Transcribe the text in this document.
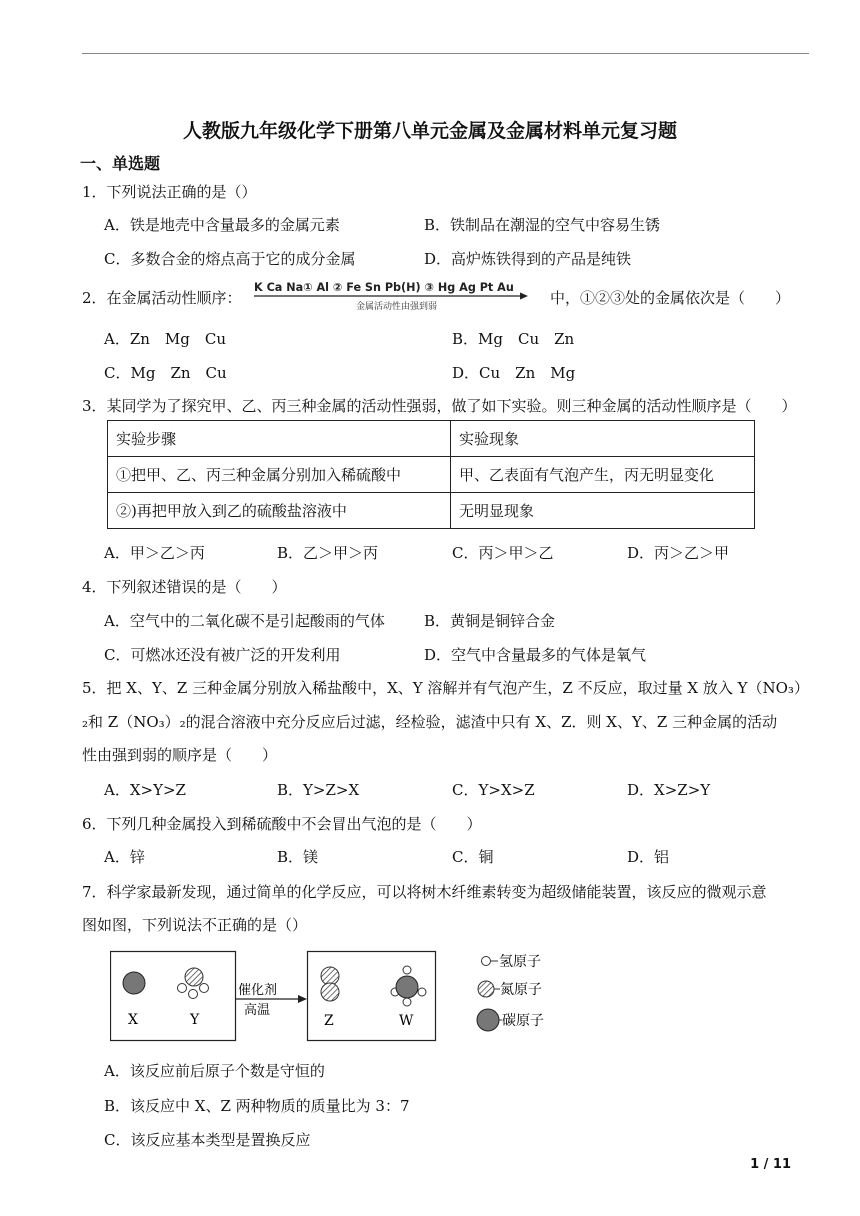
人教版九年级化学下册第八单元金属及金属材料单元复习题
一、单选题
1．下列说法正确的是（）
A．铁是地壳中含量最多的金属元素	B．铁制品在潮湿的空气中容易生锈
C．多数合金的熔点高于它的成分金属	D．高炉炼铁得到的产品是纯铁
2．在金属活动性顺序：
K Ca Na① Al ② Fe Sn Pb(H) ③ Hg Ag Pt Au
金属活动性由强到弱	中，①②③处的金属依次是（　　）
A．Zn　Mg　Cu	B．Mg　Cu　Zn
C．Mg　Zn　Cu	D．Cu　Zn　Mg
3．某同学为了探究甲、乙、丙三种金属的活动性强弱，做了如下实验。则三种金属的活动性顺序是（　　）
实验步骤	实验现象
①把甲、乙、丙三种金属分别加入稀硫酸中	甲、乙表面有气泡产生，丙无明显变化
②)再把甲放入到乙的硫酸盐溶液中	无明显现象
A．甲＞乙＞丙	B．乙＞甲＞丙	C．丙＞甲＞乙	D．丙＞乙＞甲
4．下列叙述错误的是（　　）
A．空气中的二氧化碳不是引起酸雨的气体	B．黄铜是铜锌合金
C．可燃冰还没有被广泛的开发利用	D．空气中含量最多的气体是氧气
5．把 X、Y、Z 三种金属分别放入稀盐酸中，X、Y 溶解并有气泡产生，Z 不反应，取过量 X 放入 Y（NO₃）
₂和 Z（NO₃）₂的混合溶液中充分反应后过滤，经检验，滤渣中只有 X、Z．则 X、Y、Z 三种金属的活动
性由强到弱的顺序是（　　）
A．X>Y>Z	B．Y>Z>X	C．Y>X>Z	D．X>Z>Y
6．下列几种金属投入到稀硫酸中不会冒出气泡的是（　　）
A．锌	B．镁	C．铜	D．铝
7．科学家最新发现，通过简单的化学反应，可以将树木纤维素转变为超级储能装置，该反应的微观示意
图如图，下列说法不正确的是（）
X	Y
催化剂
高温
Z	W
氢原子
氮原子
碳原子
A．该反应前后原子个数是守恒的
B．该反应中 X、Z 两种物质的质量比为 3：7
C．该反应基本类型是置换反应
1 / 11
